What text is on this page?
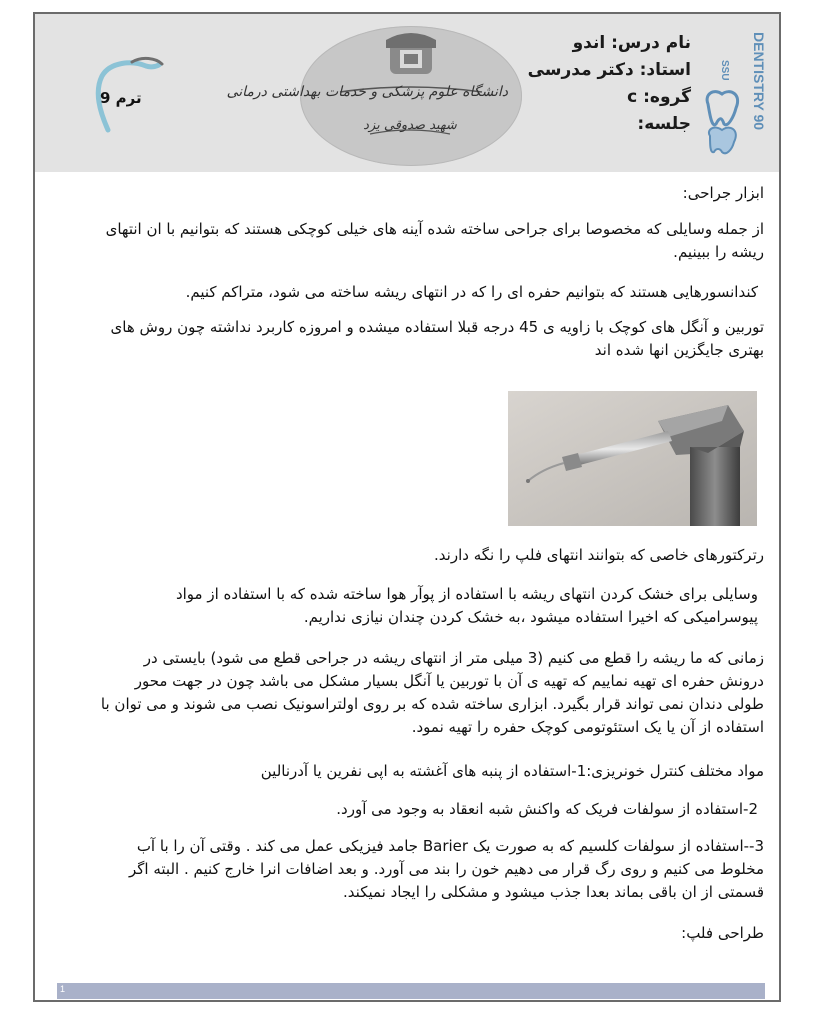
DENTISTRY 90
SSU
نام درس: اندو
استاد: دکتر مدرسی
گروه: c
جلسه:
دانشگاه علوم پزشکی و خدمات بهداشتی درمانی
شهید صدوقی یزد
ترم 9

ابزار جراحی:

از جمله وسایلی که مخصوصا برای جراحی ساخته شده آینه های خیلی کوچکی هستند که بتوانیم با ان انتهای ریشه را ببینیم.

کندانسورهایی هستند که بتوانیم حفره ای را که در انتهای ریشه ساخته می شود، متراکم کنیم.

توربین و آنگل های کوچک با زاویه ی 45 درجه قبلا استفاده میشده و امروزه کاربرد نداشته چون روش های بهتری جایگزین انها شده اند

رترکتورهای خاصی که بتوانند انتهای فلپ را نگه دارند.

وسایلی برای خشک کردن انتهای ریشه با استفاده از پوآر هوا ساخته شده که با استفاده از مواد پیوسرامیکی که اخیرا استفاده میشود ،به خشک کردن چندان نیازی نداریم.

زمانی که ما ریشه را قطع می کنیم (3 میلی متر از انتهای ریشه در جراحی قطع می شود) بایستی در درونش حفره ای تهیه نماییم که تهیه ی آن با توربین یا آنگل بسیار مشکل می باشد چون در جهت محور طولی دندان نمی تواند قرار بگیرد. ابزاری ساخته شده که بر روی اولتراسونیک نصب می شوند و می توان با استفاده از آن یا یک استئوتومی کوچک حفره را تهیه نمود.

مواد مختلف کنترل خونریزی:1-استفاده از پنبه های آغشته به اپی نفرین یا آدرنالین

2-استفاده از سولفات فریک که واکنش شبه انعقاد به وجود می آورد.

3--استفاده از سولفات کلسیم که به صورت یک Barier جامد فیزیکی عمل می کند . وقتی آن را با آب مخلوط می کنیم و روی رگ قرار می دهیم خون را بند می آورد. و بعد اضافات انرا خارج کنیم . البته اگر قسمتی از ان باقی بماند بعدا جذب میشود و مشکلی را ایجاد نمیکند.

طراحی فلپ:

1
